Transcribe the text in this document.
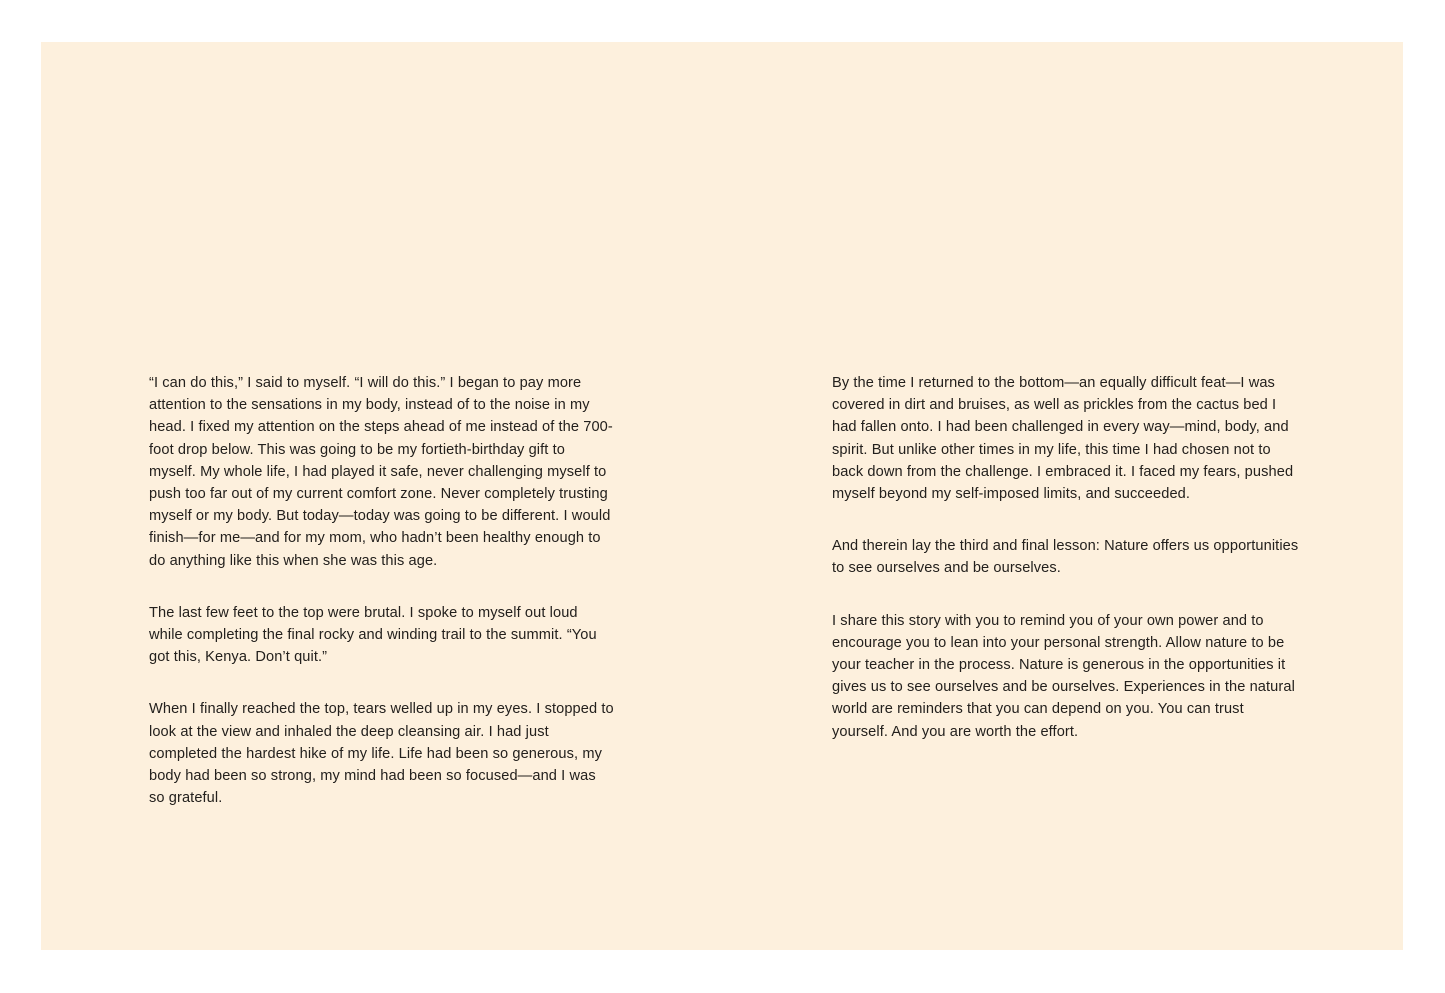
“I can do this,” I said to myself. “I will do this.” I began to pay more attention to the sensations in my body, instead of to the noise in my head. I fixed my attention on the steps ahead of me instead of the 700-foot drop below. This was going to be my fortieth-birthday gift to myself. My whole life, I had played it safe, never challenging myself to push too far out of my current comfort zone. Never completely trusting myself or my body. But today—today was going to be different. I would finish—for me—and for my mom, who hadn’t been healthy enough to do anything like this when she was this age.

The last few feet to the top were brutal. I spoke to myself out loud while completing the final rocky and winding trail to the summit. “You got this, Kenya. Don’t quit.”

When I finally reached the top, tears welled up in my eyes. I stopped to look at the view and inhaled the deep cleansing air. I had just completed the hardest hike of my life. Life had been so generous, my body had been so strong, my mind had been so focused—and I was so grateful.

By the time I returned to the bottom—an equally difficult feat—I was covered in dirt and bruises, as well as prickles from the cactus bed I had fallen onto. I had been challenged in every way—mind, body, and spirit. But unlike other times in my life, this time I had chosen not to back down from the challenge. I embraced it. I faced my fears, pushed myself beyond my self-imposed limits, and succeeded.

And therein lay the third and final lesson: Nature offers us opportunities to see ourselves and be ourselves.

I share this story with you to remind you of your own power and to encourage you to lean into your personal strength. Allow nature to be your teacher in the process. Nature is generous in the opportunities it gives us to see ourselves and be ourselves. Experiences in the natural world are reminders that you can depend on you. You can trust yourself. And you are worth the effort.
